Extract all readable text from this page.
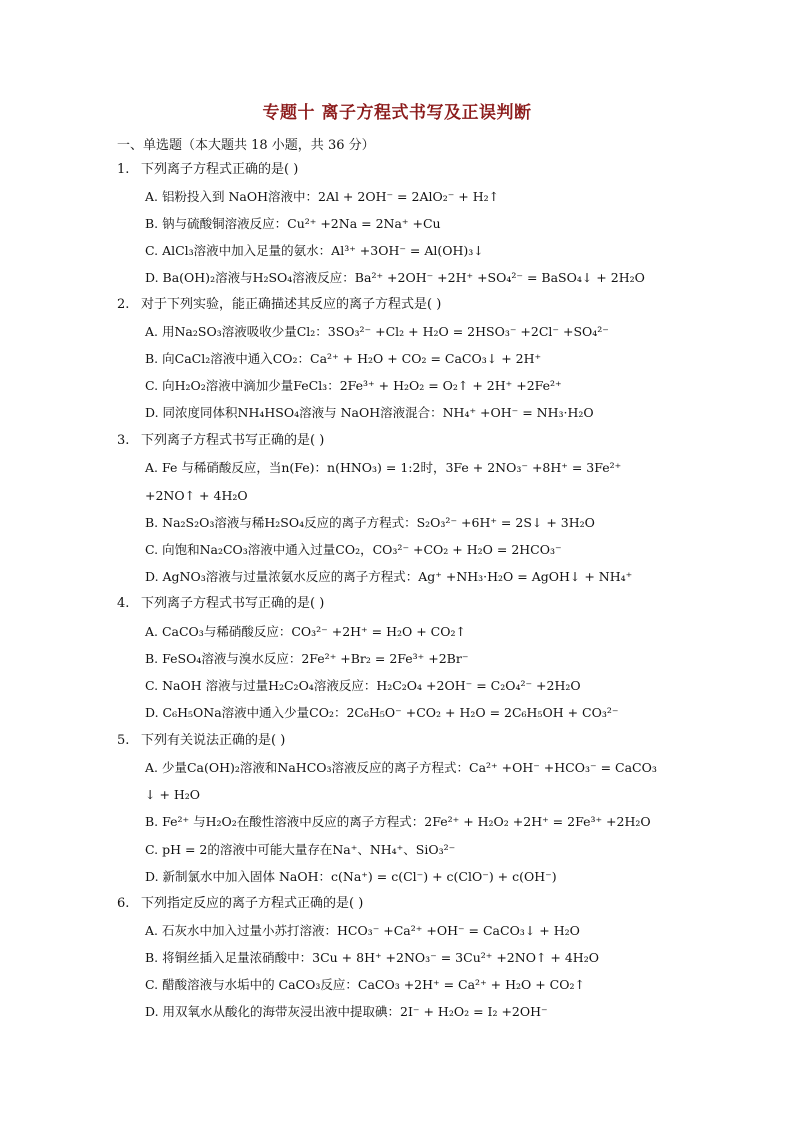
专题十 离子方程式书写及正误判断
一、单选题（本大题共 18 小题，共 36 分）
1. 下列离子方程式正确的是( )
A. 铝粉投入到 NaOH溶液中：2Al + 2OH⁻ = 2AlO₂⁻ + H₂↑
B. 钠与硫酸铜溶液反应：Cu²⁺ +2Na = 2Na⁺ +Cu
C. AlCl₃溶液中加入足量的氨水：Al³⁺ +3OH⁻ = Al(OH)₃↓
D. Ba(OH)₂溶液与H₂SO₄溶液反应：Ba²⁺ +2OH⁻ +2H⁺ +SO₄²⁻ = BaSO₄↓ + 2H₂O
2. 对于下列实验，能正确描述其反应的离子方程式是( )
A. 用Na₂SO₃溶液吸收少量Cl₂：3SO₃²⁻ +Cl₂ + H₂O = 2HSO₃⁻ +2Cl⁻ +SO₄²⁻
B. 向CaCl₂溶液中通入CO₂：Ca²⁺ + H₂O + CO₂ = CaCO₃↓ + 2H⁺
C. 向H₂O₂溶液中滴加少量FeCl₃：2Fe³⁺ + H₂O₂ = O₂↑ + 2H⁺ +2Fe²⁺
D. 同浓度同体积NH₄HSO₄溶液与 NaOH溶液混合：NH₄⁺ +OH⁻ = NH₃·H₂O
3. 下列离子方程式书写正确的是( )
A. Fe 与稀硝酸反应，当n(Fe)：n(HNO₃) = 1:2时，3Fe + 2NO₃⁻ +8H⁺ = 3Fe²⁺
+2NO↑ + 4H₂O
B. Na₂S₂O₃溶液与稀H₂SO₄反应的离子方程式：S₂O₃²⁻ +6H⁺ = 2S↓ + 3H₂O
C. 向饱和Na₂CO₃溶液中通入过量CO₂，CO₃²⁻ +CO₂ + H₂O = 2HCO₃⁻
D. AgNO₃溶液与过量浓氨水反应的离子方程式：Ag⁺ +NH₃·H₂O = AgOH↓ + NH₄⁺
4. 下列离子方程式书写正确的是( )
A. CaCO₃与稀硝酸反应：CO₃²⁻ +2H⁺ = H₂O + CO₂↑
B. FeSO₄溶液与溴水反应：2Fe²⁺ +Br₂ = 2Fe³⁺ +2Br⁻
C. NaOH 溶液与过量H₂C₂O₄溶液反应：H₂C₂O₄ +2OH⁻ = C₂O₄²⁻ +2H₂O
D. C₆H₅ONa溶液中通入少量CO₂：2C₆H₅O⁻ +CO₂ + H₂O = 2C₆H₅OH + CO₃²⁻
5. 下列有关说法正确的是( )
A. 少量Ca(OH)₂溶液和NaHCO₃溶液反应的离子方程式：Ca²⁺ +OH⁻ +HCO₃⁻ = CaCO₃
↓ + H₂O
B. Fe²⁺ 与H₂O₂在酸性溶液中反应的离子方程式：2Fe²⁺ + H₂O₂ +2H⁺ = 2Fe³⁺ +2H₂O
C. pH = 2的溶液中可能大量存在Na⁺、NH₄⁺、SiO₃²⁻
D. 新制氯水中加入固体 NaOH：c(Na⁺) = c(Cl⁻) + c(ClO⁻) + c(OH⁻)
6. 下列指定反应的离子方程式正确的是( )
A. 石灰水中加入过量小苏打溶液：HCO₃⁻ +Ca²⁺ +OH⁻ = CaCO₃↓ + H₂O
B. 将铜丝插入足量浓硝酸中：3Cu + 8H⁺ +2NO₃⁻ = 3Cu²⁺ +2NO↑ + 4H₂O
C. 醋酸溶液与水垢中的 CaCO₃反应：CaCO₃ +2H⁺ = Ca²⁺ + H₂O + CO₂↑
D. 用双氧水从酸化的海带灰浸出液中提取碘：2I⁻ + H₂O₂ = I₂ +2OH⁻
